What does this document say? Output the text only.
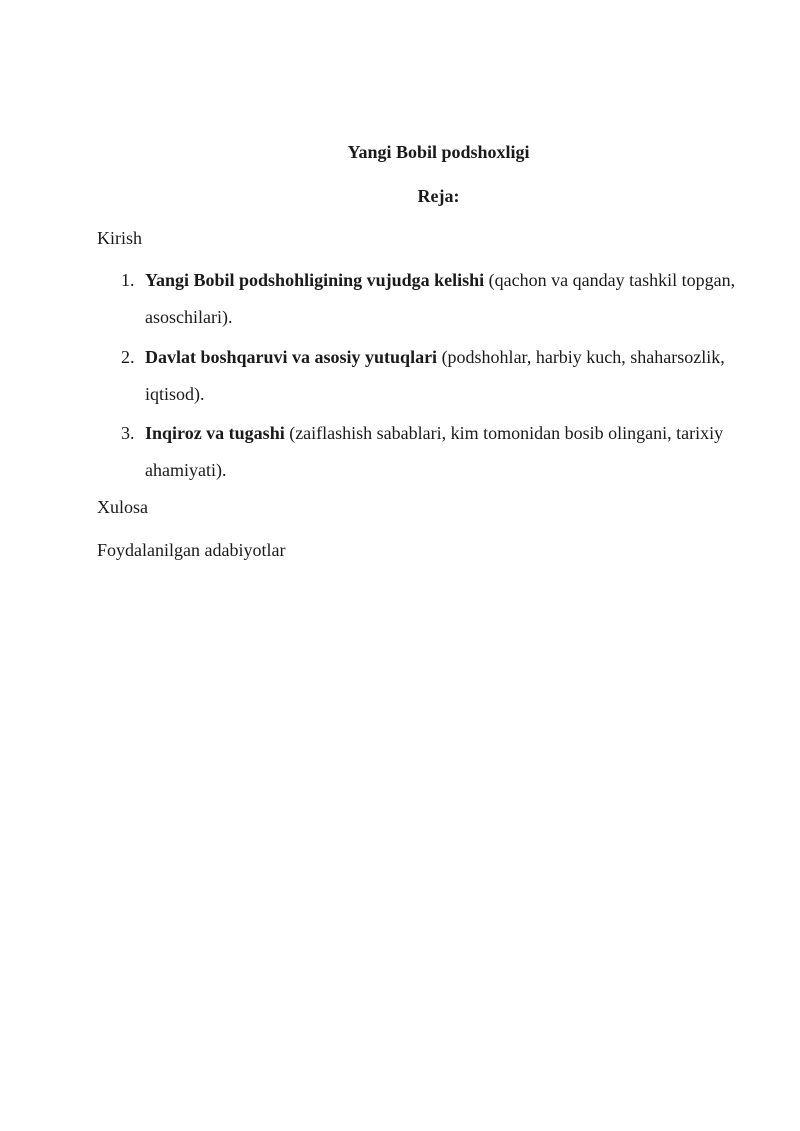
Yangi Bobil podshoxligi
Reja:
Kirish
1. Yangi Bobil podshohligining vujudga kelishi (qachon va qanday tashkil topgan, asoschilari).
2. Davlat boshqaruvi va asosiy yutuqlari (podshohlar, harbiy kuch, shaharsozlik, iqtisod).
3. Inqiroz va tugashi (zaiflashish sabablari, kim tomonidan bosib olingani, tarixiy ahamiyati).
Xulosa
Foydalanilgan adabiyotlar
